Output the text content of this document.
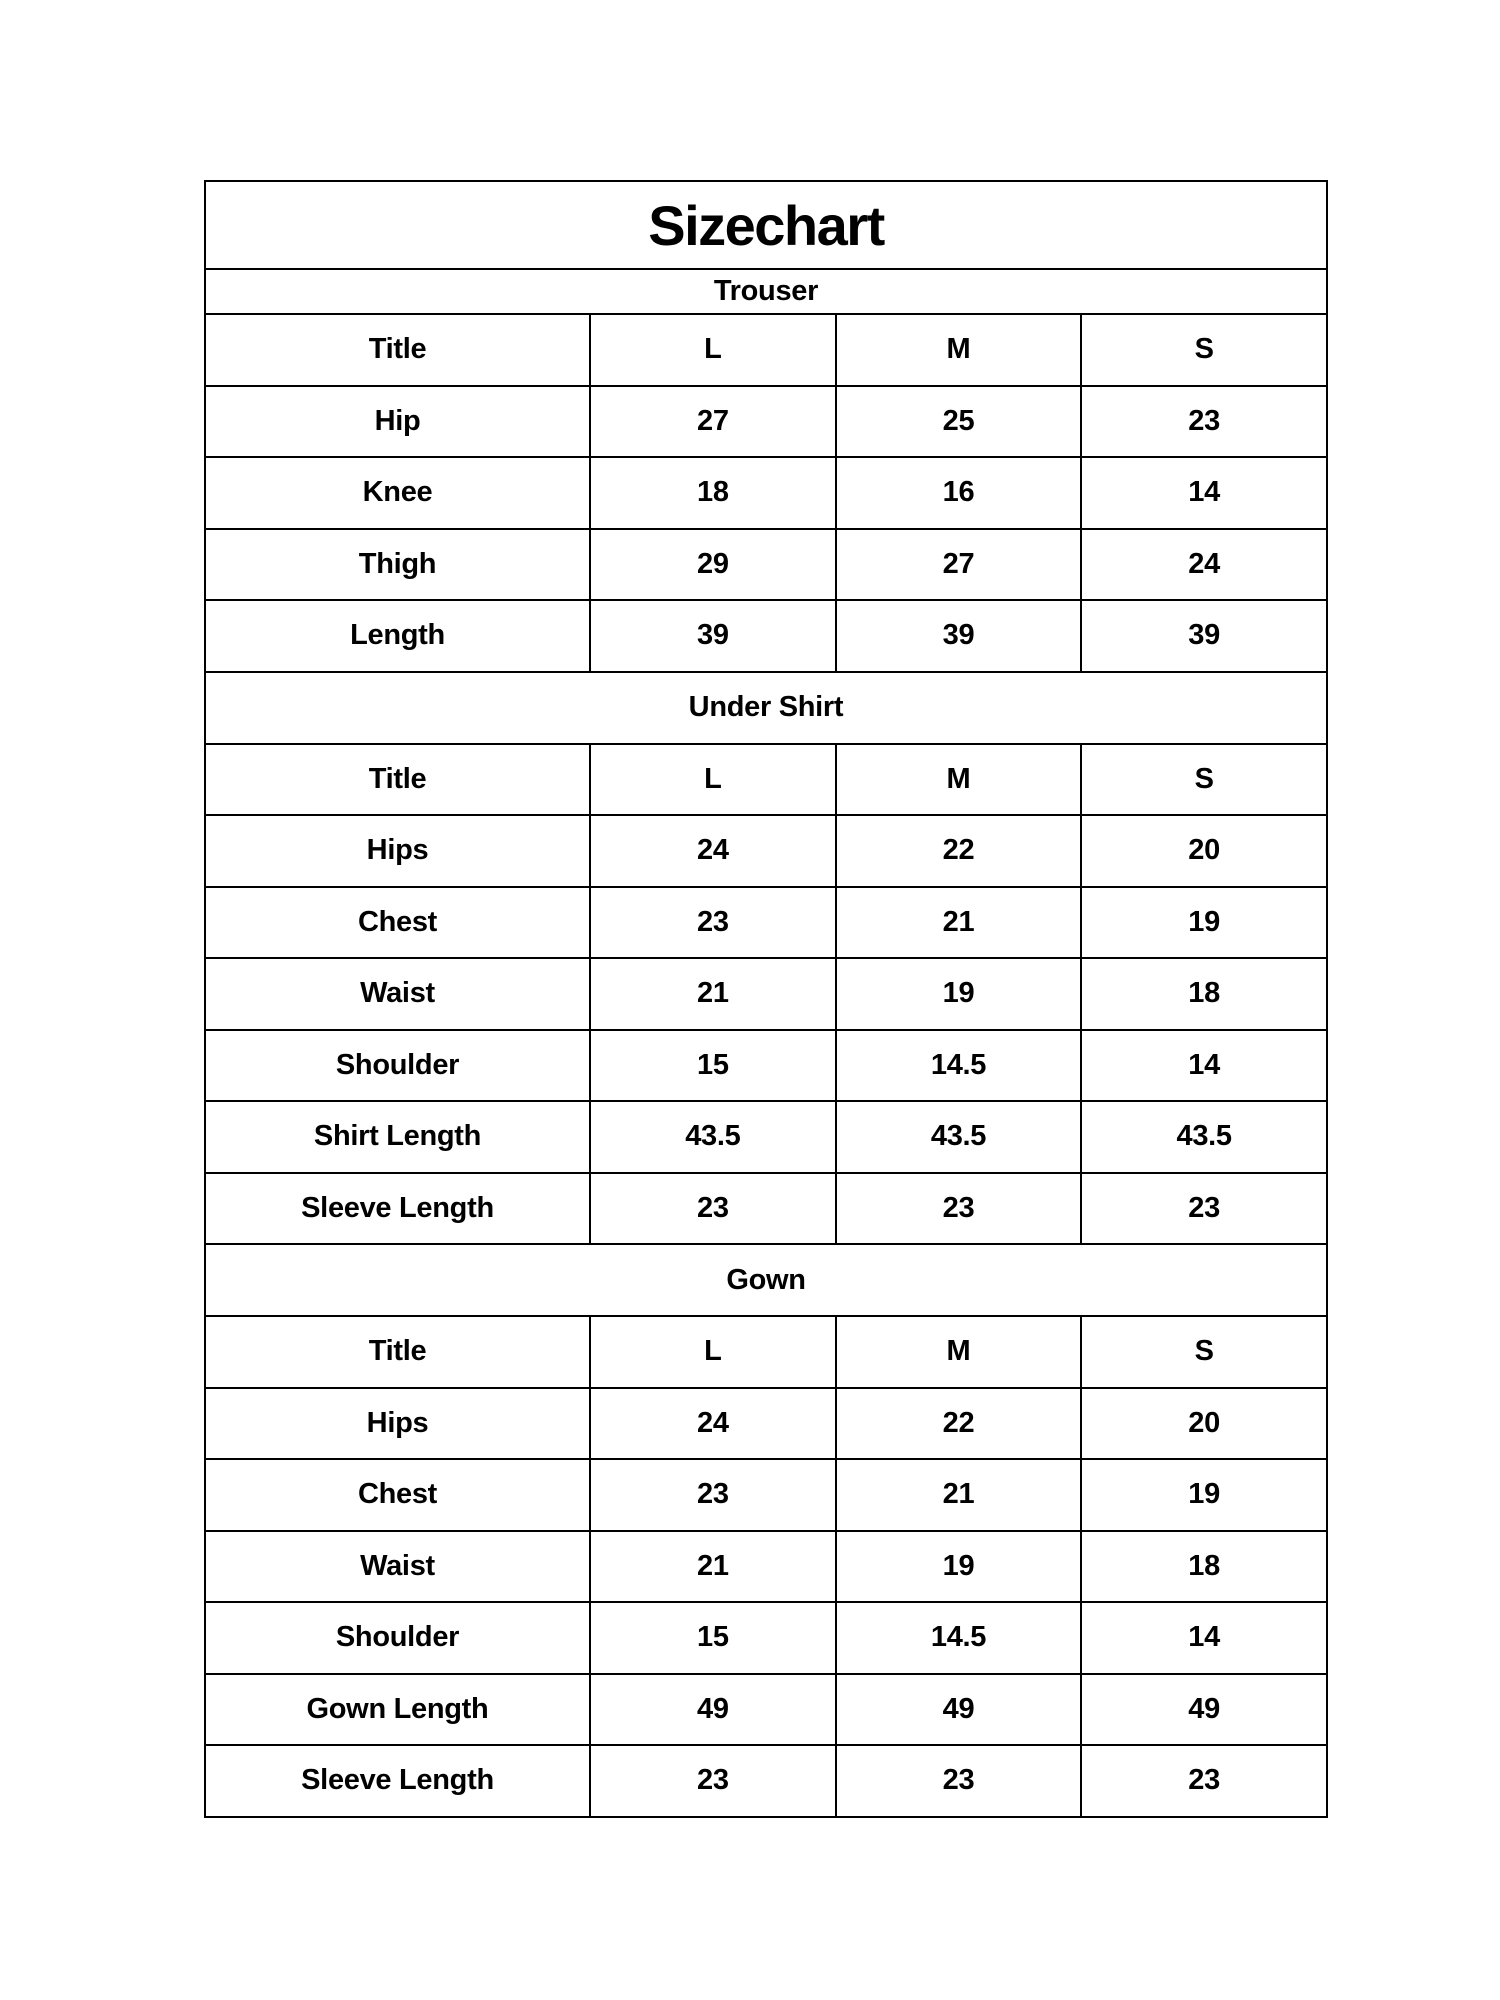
Sizechart			
Trouser			
Title	L	M	S
Hip	27	25	23
Knee	18	16	14
Thigh	29	27	24
Length	39	39	39
Under Shirt			
Title	L	M	S
Hips	24	22	20
Chest	23	21	19
Waist	21	19	18
Shoulder	15	14.5	14
Shirt Length	43.5	43.5	43.5
Sleeve Length	23	23	23
Gown			
Title	L	M	S
Hips	24	22	20
Chest	23	21	19
Waist	21	19	18
Shoulder	15	14.5	14
Gown Length	49	49	49
Sleeve Length	23	23	23
